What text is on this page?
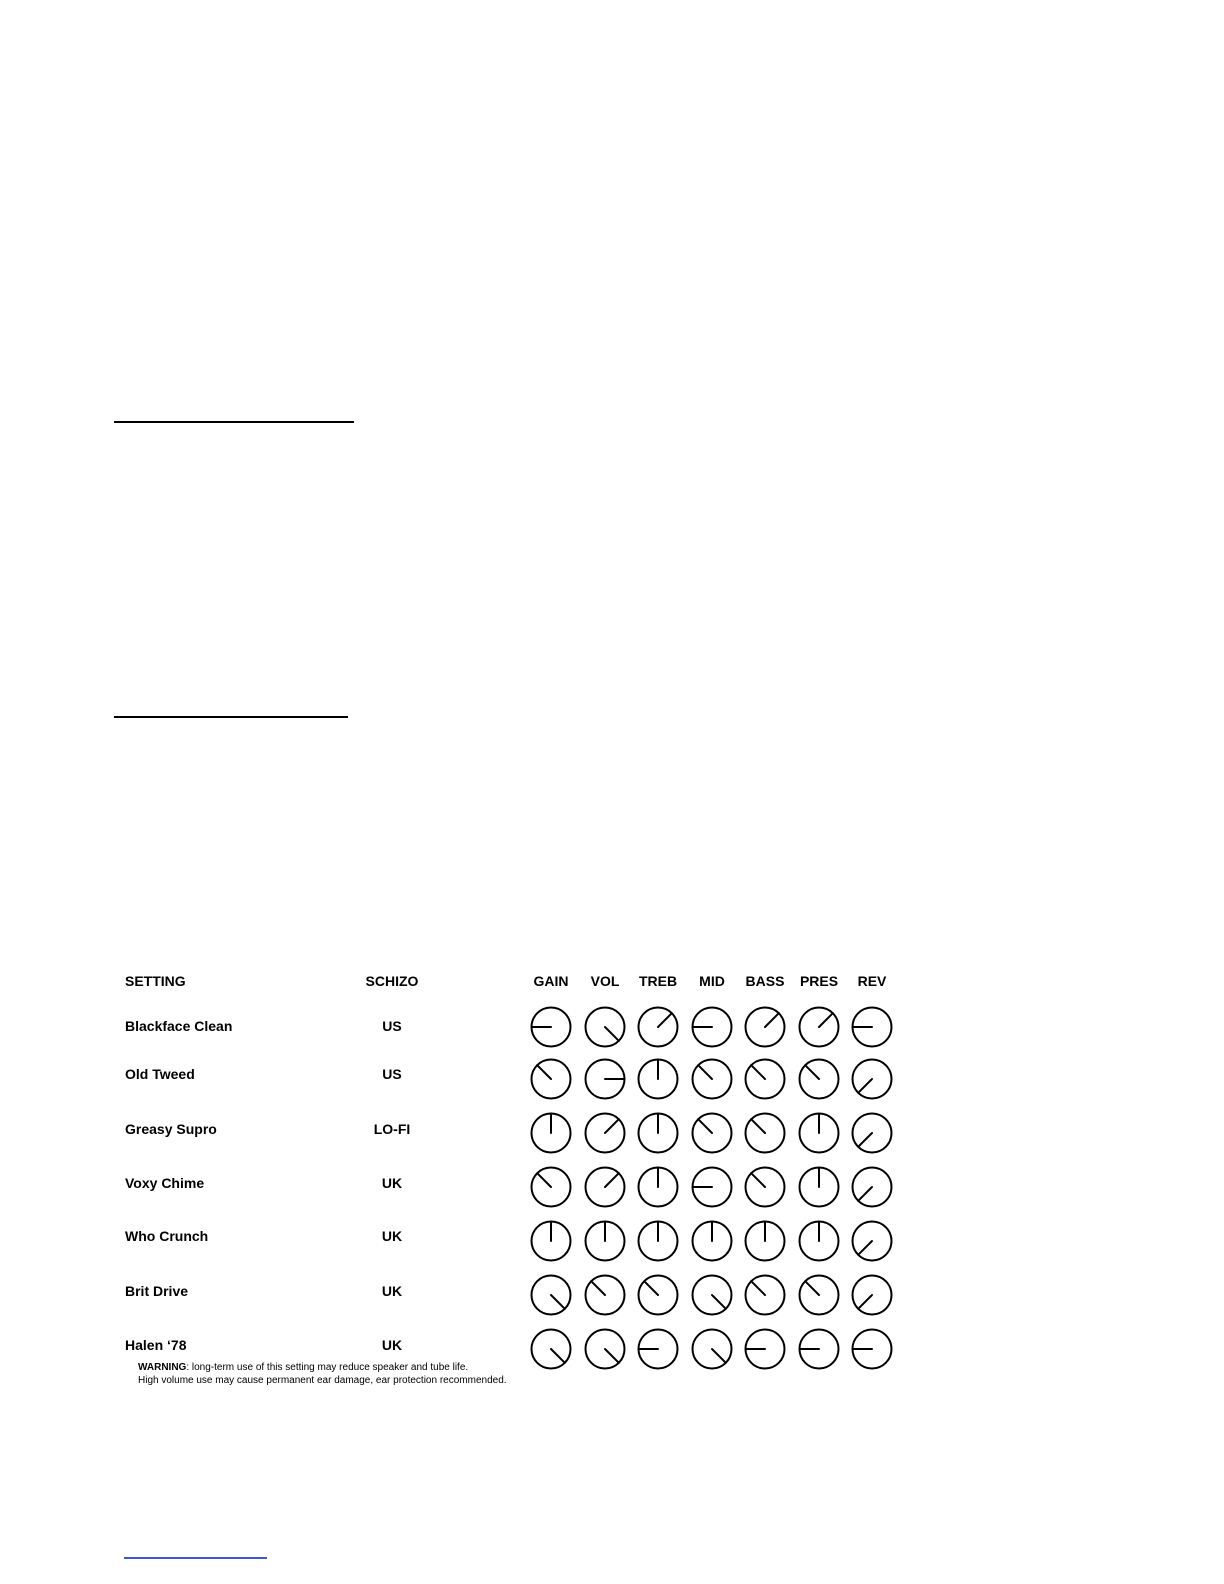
SETTING	SCHIZO	GAIN	VOL	TREB	MID	BASS	PRES	REV
Blackface Clean	US
Old Tweed	US
Greasy Supro	LO-FI
Voxy Chime	UK
Who Crunch	UK
Brit Drive	UK
Halen ‘78	UK
WARNING: long-term use of this setting may reduce speaker and tube life.
High volume use may cause permanent ear damage, ear protection recommended.
